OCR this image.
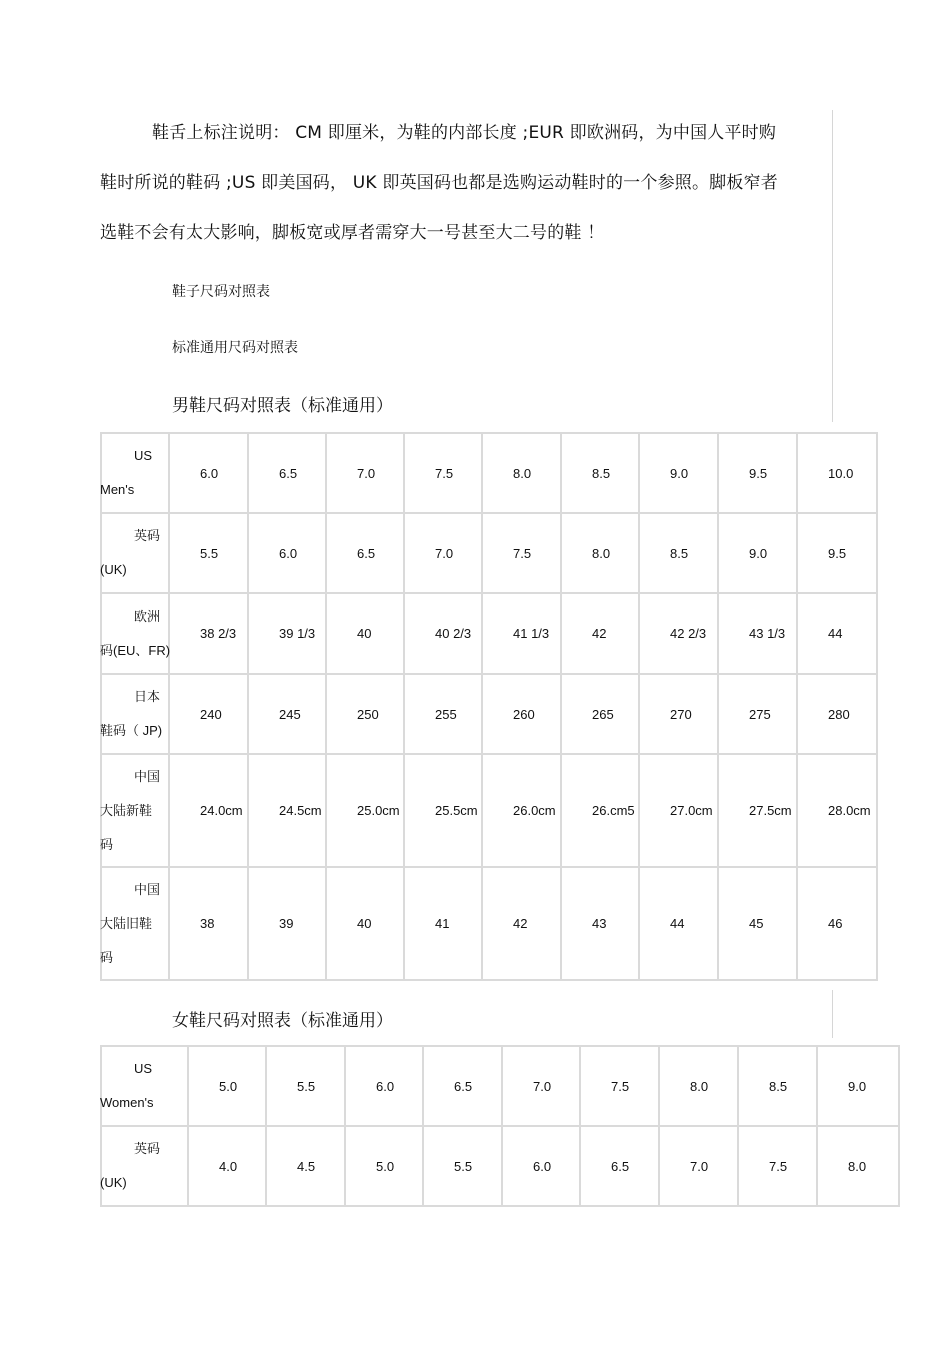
鞋舌上标注说明： CM 即厘米，为鞋的内部长度 ;EUR 即欧洲码，为中国人平时购
鞋时所说的鞋码 ;US 即美国码， UK 即英国码也都是选购运动鞋时的一个参照。脚板窄者
选鞋不会有太大影响，脚板宽或厚者需穿大一号甚至大二号的鞋 ！

鞋子尺码对照表

标准通用尺码对照表

男鞋尺码对照表（标准通用）

US
Men's	6.0	6.5	7.0	7.5	8.0	8.5	9.0	9.5	10.0

英码
(UK)	5.5	6.0	6.5	7.0	7.5	8.0	8.5	9.0	9.5

欧洲
码(EU、FR)	38 2/3	39 1/3	40	40 2/3	41 1/3	42	42 2/3	43 1/3	44

日本
鞋码（ JP)	240	245	250	255	260	265	270	275	280

中国
大陆新鞋
码	24.0cm	24.5cm	25.0cm	25.5cm	26.0cm	26.cm5	27.0cm	27.5cm	28.0cm

中国
大陆旧鞋
码	38	39	40	41	42	43	44	45	46

女鞋尺码对照表（标准通用）

US
Women's	5.0	5.5	6.0	6.5	7.0	7.5	8.0	8.5	9.0

英码
(UK)	4.0	4.5	5.0	5.5	6.0	6.5	7.0	7.5	8.0
